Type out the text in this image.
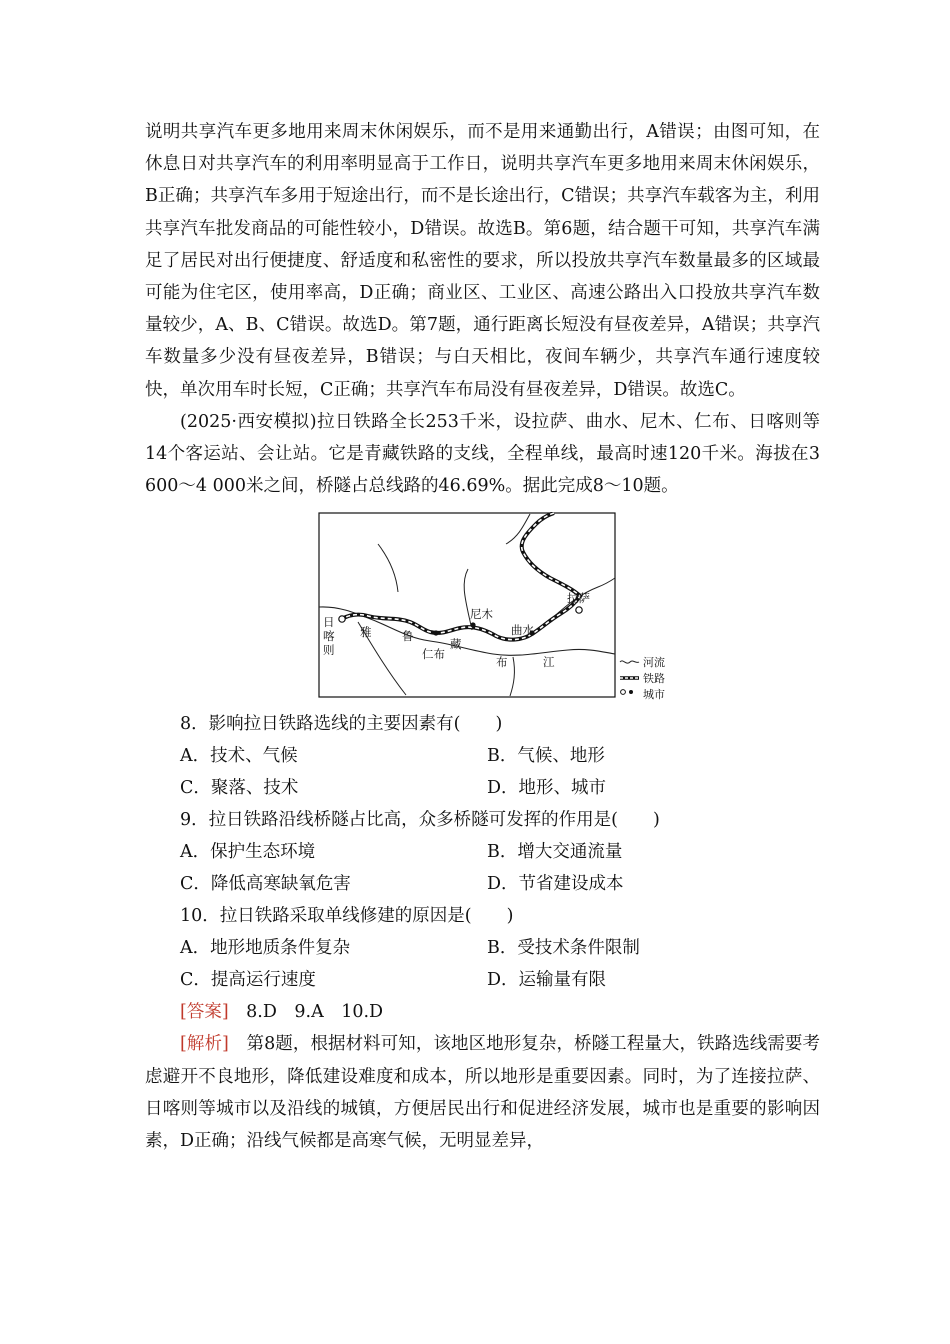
说明共享汽车更多地用来周末休闲娱乐，而不是用来通勤出行，A错误；由图可知，在休息日对共享汽车的利用率明显高于工作日，说明共享汽车更多地用来周末休闲娱乐，B正确；共享汽车多用于短途出行，而不是长途出行，C错误；共享汽车载客为主，利用共享汽车批发商品的可能性较小，D错误。故选B。第6题，结合题干可知，共享汽车满足了居民对出行便捷度、舒适度和私密性的要求，所以投放共享汽车数量最多的区域最可能为住宅区，使用率高，D正确；商业区、工业区、高速公路出入口投放共享汽车数量较少，A、B、C错误。故选D。第7题，通行距离长短没有昼夜差异，A错误；共享汽车数量多少没有昼夜差异，B错误；与白天相比，夜间车辆少，共享汽车通行速度较快，单次用车时长短，C正确；共享汽车布局没有昼夜差异，D错误。故选C。

(2025·西安模拟)拉日铁路全长253千米，设拉萨、曲水、尼木、仁布、日喀则等14个客运站、会让站。它是青藏铁路的支线，全程单线，最高时速120千米。海拔在3 600～4 000米之间，桥隧占总线路的46.69%。据此完成8～10题。

日
喀
则	仁布
尼木
曲水
拉萨
雅	鲁
藏
布	江	河流
铁路
城市

8．影响拉日铁路选线的主要因素有(　　)

A．技术、气候	B．气候、地形
C．聚落、技术	D．地形、城市

9．拉日铁路沿线桥隧占比高，众多桥隧可发挥的作用是(　　)

A．保护生态环境	B．增大交通流量
C．降低高寒缺氧危害	D．节省建设成本

10．拉日铁路采取单线修建的原因是(　　)

A．地形地质条件复杂	B．受技术条件限制
C．提高运行速度	D．运输量有限

[答案]　8.D　9.A　10.D

[解析]　第8题，根据材料可知，该地区地形复杂，桥隧工程量大，铁路选线需要考虑避开不良地形，降低建设难度和成本，所以地形是重要因素。同时，为了连接拉萨、日喀则等城市以及沿线的城镇，方便居民出行和促进经济发展，城市也是重要的影响因素，D正确；沿线气候都是高寒气候，无明显差异，
